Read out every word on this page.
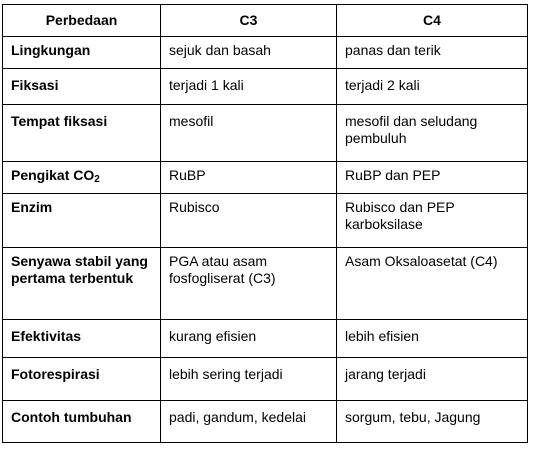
Perbedaan	C3	C4
Lingkungan	sejuk dan basah	panas dan terik
Fiksasi	terjadi 1 kali	terjadi 2 kali
Tempat fiksasi	mesofil	mesofil dan seludang pembuluh
Pengikat $CO_2$	RuBP	RuBP dan PEP
Enzim	Rubisco	Rubisco dan PEP karboksilase
Senyawa stabil yang pertama terbentuk	PGA atau asam fosfogliserat (C3)	Asam Oksaloasetat (C4)
Efektivitas	kurang efisien	lebih efisien
Fotorespirasi	lebih sering terjadi	jarang terjadi
Contoh tumbuhan	padi, gandum, kedelai	sorgum, tebu, Jagung
